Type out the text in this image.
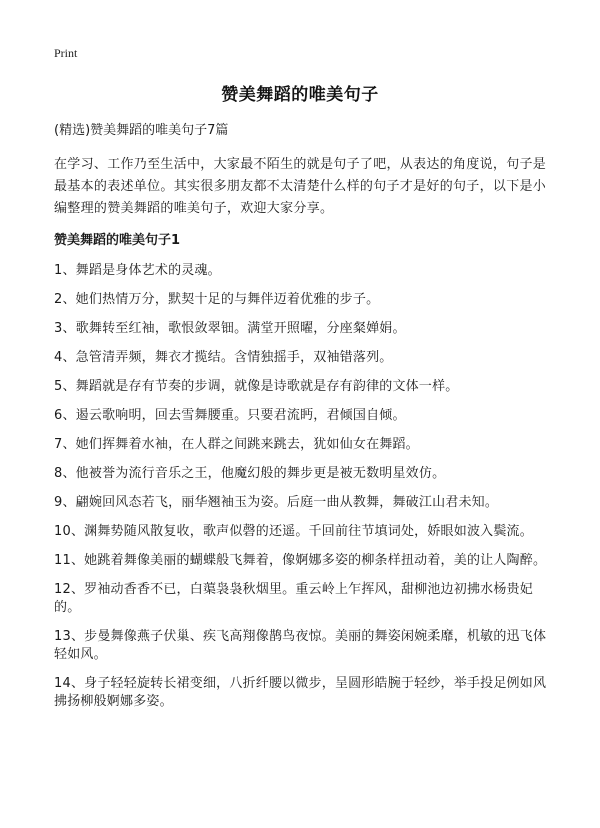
Print
赞美舞蹈的唯美句子

(精选)赞美舞蹈的唯美句子7篇

在学习、工作乃至生活中，大家最不陌生的就是句子了吧，从表达的角度说，句子是最基本的表述单位。其实很多朋友都不太清楚什么样的句子才是好的句子，以下是小编整理的赞美舞蹈的唯美句子，欢迎大家分享。

赞美舞蹈的唯美句子1

1、舞蹈是身体艺术的灵魂。

2、她们热情万分，默契十足的与舞伴迈着优雅的步子。

3、歌舞转至红袖，歌恨敛翠钿。满堂开照曜，分座粲婵娟。

4、急管清弄频，舞衣才揽结。含情独摇手，双袖错落列。

5、舞蹈就是存有节奏的步调，就像是诗歌就是存有韵律的文体一样。

6、遏云歌响明，回去雪舞腰重。只要君流眄，君倾国自倾。

7、她们挥舞着水袖，在人群之间跳来跳去，犹如仙女在舞蹈。

8、他被誉为流行音乐之王，他魔幻般的舞步更是被无数明星效仿。

9、翩婉回风态若飞，丽华翘袖玉为姿。后庭一曲从教舞，舞破江山君未知。

10、渊舞势随风散复收，歌声似磬的还遥。千回前往节填词处，娇眼如波入鬓流。

11、她跳着舞像美丽的蝴蝶般飞舞着，像婀娜多姿的柳条样扭动着，美的让人陶醉。

12、罗袖动香香不已，白蕖袅袅秋烟里。重云岭上乍挥风，甜柳池边初拂水杨贵妃的。

13、步曼舞像燕子伏巢、疾飞高翔像鹊鸟夜惊。美丽的舞姿闲婉柔靡，机敏的迅飞体轻如风。

14、身子轻轻旋转长裙变细，八折纤腰以微步，呈圆形皓腕于轻纱，举手投足例如风拂扬柳般婀娜多姿。
